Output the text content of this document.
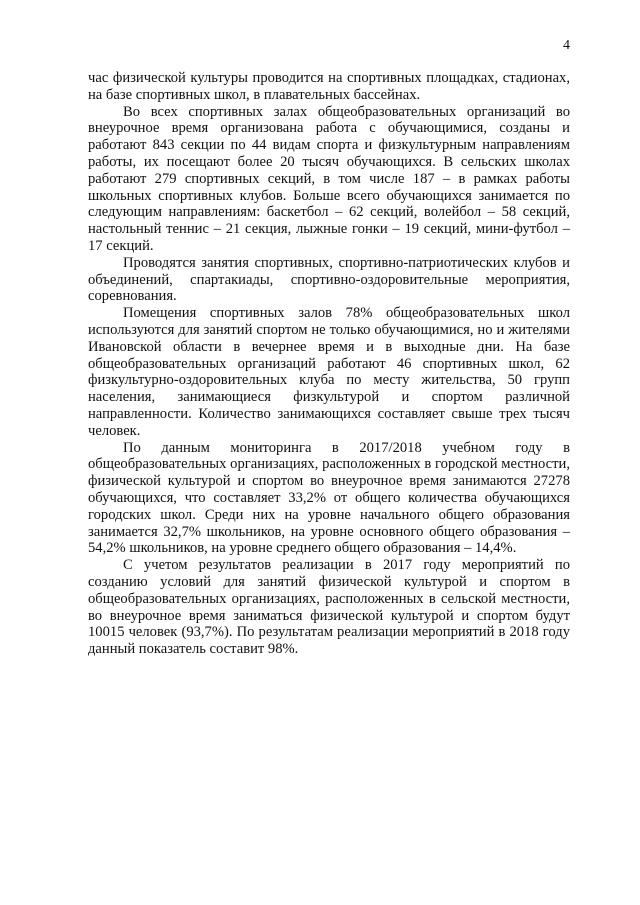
4

час физической культуры проводится на спортивных площадках, стадионах, на базе спортивных школ, в плавательных бассейнах.

Во всех спортивных залах общеобразовательных организаций во внеурочное время организована работа с обучающимися, созданы и работают 843 секции по 44 видам спорта и физкультурным направлениям работы, их посещают более 20 тысяч обучающихся. В сельских школах работают 279 спортивных секций, в том числе 187 – в рамках работы школьных спортивных клубов. Больше всего обучающихся занимается по следующим направлениям: баскетбол – 62 секций, волейбол – 58 секций, настольный теннис – 21 секция, лыжные гонки – 19 секций, мини-футбол – 17 секций.

Проводятся занятия спортивных, спортивно-патриотических клубов и объединений, спартакиады, спортивно-оздоровительные мероприятия, соревнования.

Помещения спортивных залов 78% общеобразовательных школ используются для занятий спортом не только обучающимися, но и жителями Ивановской области в вечернее время и в выходные дни. На базе общеобразовательных организаций работают 46 спортивных школ, 62 физкультурно-оздоровительных клуба по месту жительства, 50 групп населения, занимающиеся физкультурой и спортом различной направленности. Количество занимающихся составляет свыше трех тысяч человек.

По данным мониторинга в 2017/2018 учебном году в общеобразовательных организациях, расположенных в городской местности, физической культурой и спортом во внеурочное время занимаются 27278 обучающихся, что составляет 33,2% от общего количества обучающихся городских школ. Среди них на уровне начального общего образования занимается 32,7% школьников, на уровне основного общего образования – 54,2% школьников, на уровне среднего общего образования – 14,4%.

С учетом результатов реализации в 2017 году мероприятий по созданию условий для занятий физической культурой и спортом в общеобразовательных организациях, расположенных в сельской местности, во внеурочное время заниматься физической культурой и спортом будут 10015 человек (93,7%). По результатам реализации мероприятий в 2018 году данный показатель составит 98%.
